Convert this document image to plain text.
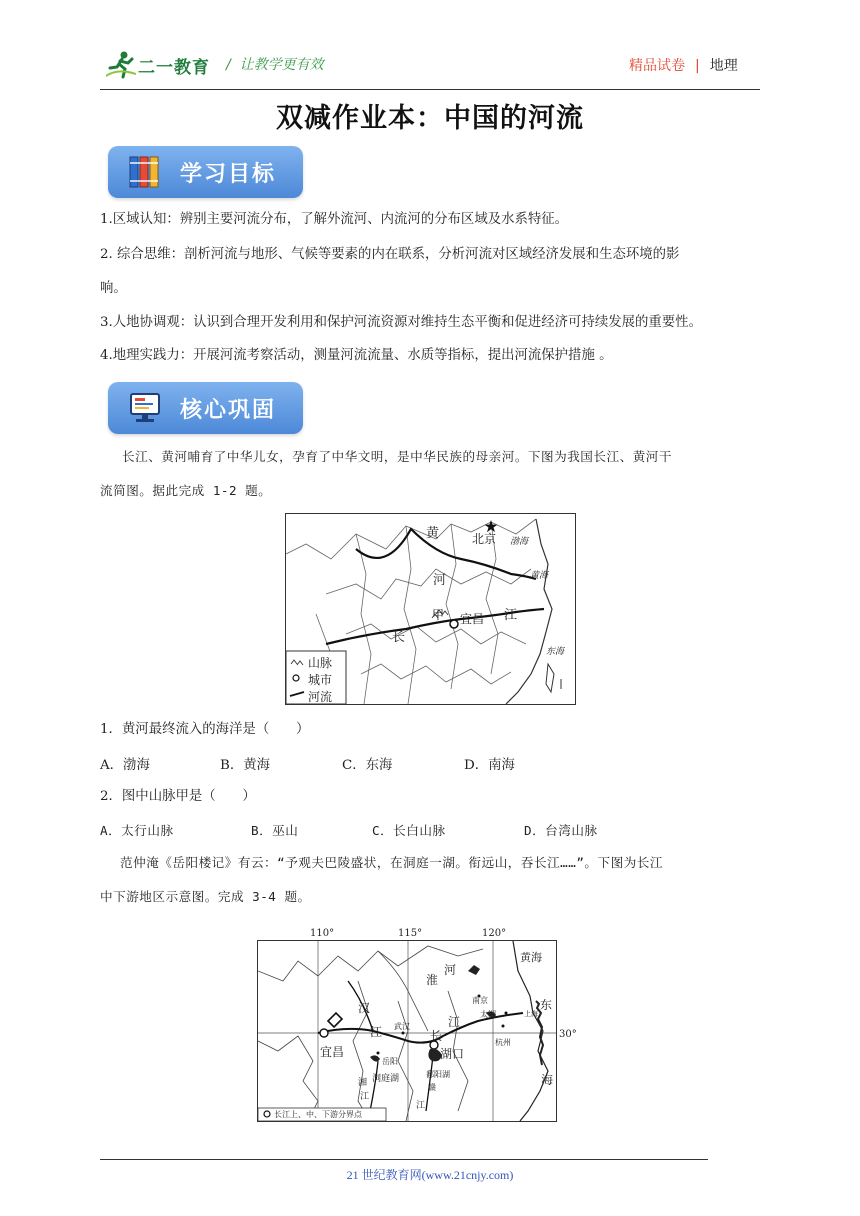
二一教育 /  让教学更有效	精品试卷 | 地理
双减作业本：中国的河流
学习目标
1.区域认知：辨别主要河流分布，了解外流河、内流河的分布区域及水系特征。
2. 综合思维：剖析河流与地形、气候等要素的内在联系，分析河流对区域经济发展和生态环境的影
响。
3.人地协调观：认识到合理开发利用和保护河流资源对维持生态平衡和促进经济可持续发展的重要性。
4.地理实践力：开展河流考察活动，测量河流流量、水质等指标，提出河流保护措施 。
核心巩固
长江、黄河哺育了中华儿女，孕育了中华文明，是中华民族的母亲河。下图为我国长江、黄河干
流简图。据此完成 1-2 题。
黄	北京 渤海
黄海
河
甲 宜昌 江
长
东海
山脉
城市
河流
1．黄河最终流入的海洋是（　　）
A．渤海	B．黄海	C．东海	D．南海
2．图中山脉甲是（　　）
A．太行山脉	B．巫山	C．长白山脉	D．台湾山脉
范仲淹《岳阳楼记》有云：“予观夫巴陵盛状，在洞庭一湖。衔远山，吞长江……”。下图为长江
中下游地区示意图。完成 3-4 题。
110°	115°	120°
30°
黄海
淮
河
南京
太湖	上海
东
海
汉
江 武汉
长
江
杭州
宜昌
岳阳
洞庭湖
湖口
鄱阳湖
赣
江
湘
江
长江上、中、下游分界点
21 世纪教育网(www.21cnjy.com)
